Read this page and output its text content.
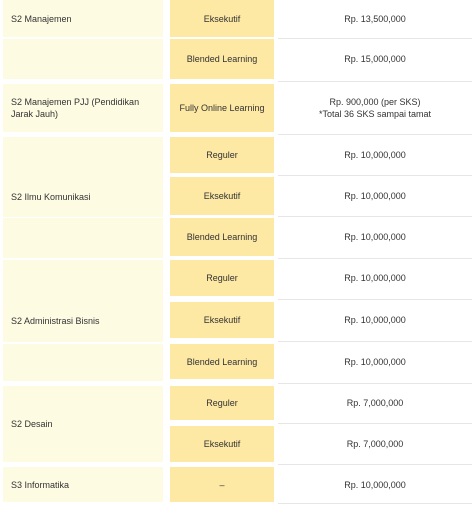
S2 Manajemen
S2 Manajemen PJJ (Pendidikan Jarak Jauh)
S2 Ilmu Komunikasi
S2 Administrasi Bisnis
S2 Desain
S3 Informatika
Eksekutif
Blended Learning
Fully Online Learning
Reguler
Eksekutif
Blended Learning
Reguler
Eksekutif
Blended Learning
Reguler
Eksekutif
–
Rp. 13,500,000
Rp. 15,000,000
Rp. 900,000 (per SKS)
*Total 36 SKS sampai tamat
Rp. 10,000,000
Rp. 10,000,000
Rp. 10,000,000
Rp. 10,000,000
Rp. 10,000,000
Rp. 10,000,000
Rp. 7,000,000
Rp. 7,000,000
Rp. 10,000,000
